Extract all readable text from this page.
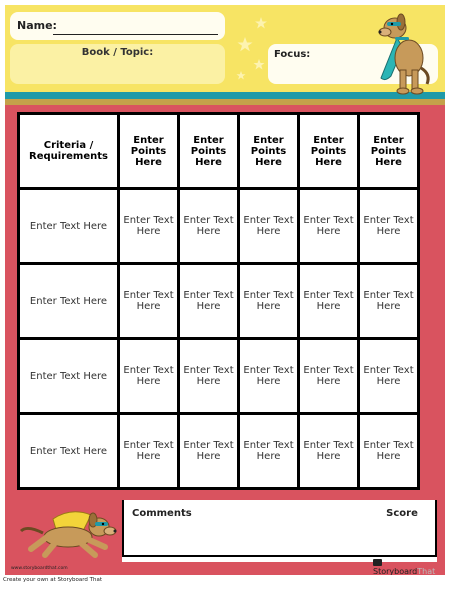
Name:
Book / Topic:	Focus:
Criteria / Requirements	Enter Points Here	Enter Points Here	Enter Points Here	Enter Points Here	Enter Points Here
Enter Text Here	Enter Text Here	Enter Text Here	Enter Text Here	Enter Text Here	Enter Text Here
Enter Text Here	Enter Text Here	Enter Text Here	Enter Text Here	Enter Text Here	Enter Text Here
Enter Text Here	Enter Text Here	Enter Text Here	Enter Text Here	Enter Text Here	Enter Text Here
Enter Text Here	Enter Text Here	Enter Text Here	Enter Text Here	Enter Text Here	Enter Text Here
Comments	Score
www.storyboardthat.com	StoryboardThat
Create your own at Storyboard That
